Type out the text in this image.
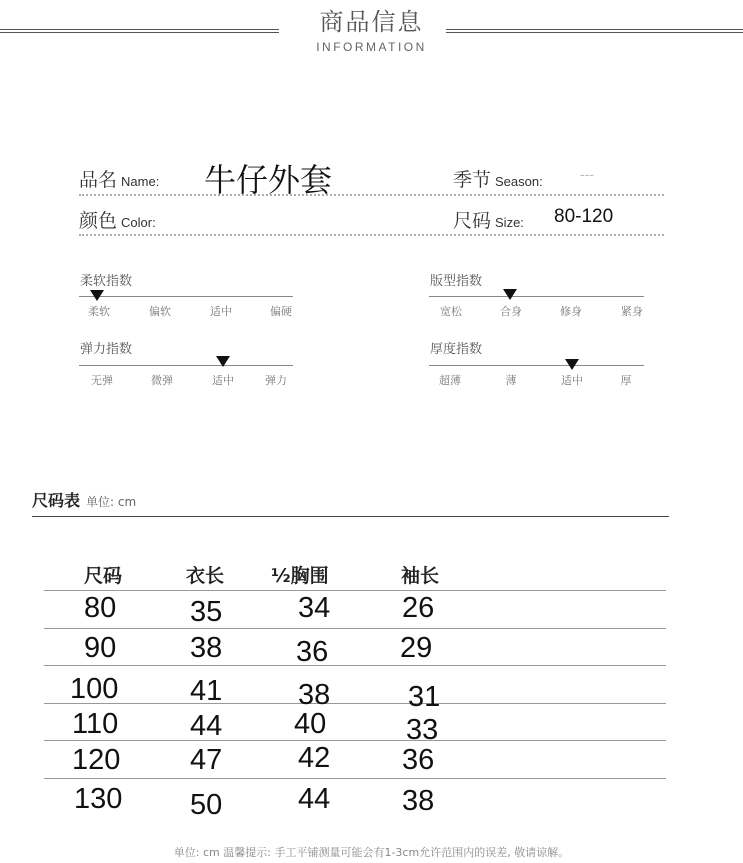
商品信息
INFORMATION
品名 Name: 牛仔外套	季节 Season:	---
颜色 Color:	尺码 Size: 80-120
柔软指数
柔软	偏软	适中	偏硬
版型指数
宽松	合身	修身	紧身
弹力指数
无弹	微弹	适中	弹力
厚度指数
超薄	薄	适中	厚
尺码表 单位: cm
尺码	衣长 ½胸围	袖长
80	35	34 26
90	38	36 29
100 41	38	31
110 44 40	33
120 47	42 36
130 50	44 38
单位: cm 温馨提示: 手工平铺测量可能会有1-3cm允许范围内的误差, 敬请谅解。
